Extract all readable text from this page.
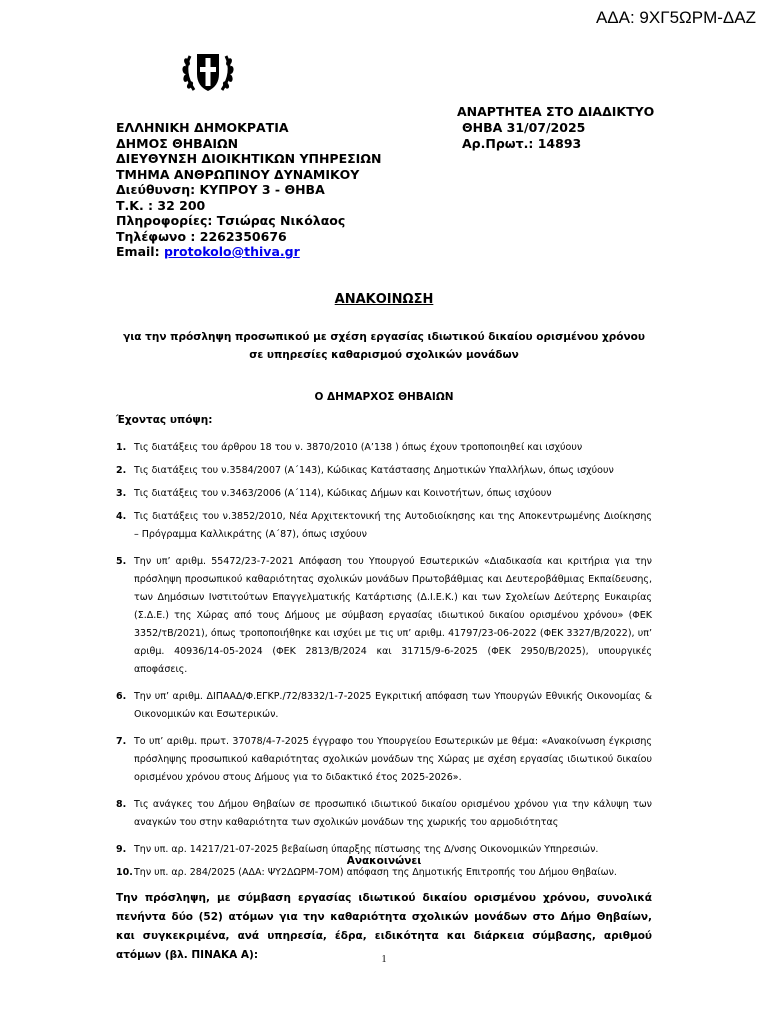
ΑΔΑ: 9ΧΓ5ΩΡΜ-ΔΑΖ
ΑΝΑΡΤΗΤΕΑ ΣΤΟ ΔΙΑΔΙΚΤΥΟ
ΘΗΒΑ 31/07/2025
Αρ.Πρωτ.: 14893
ΕΛΛΗΝΙΚΗ ΔΗΜΟΚΡΑΤΙΑ
ΔΗΜΟΣ ΘΗΒΑΙΩΝ
ΔΙΕΥΘΥΝΣΗ ΔΙΟΙΚΗΤΙΚΩΝ ΥΠΗΡΕΣΙΩΝ
ΤΜΗΜΑ ΑΝΘΡΩΠΙΝΟΥ ΔΥΝΑΜΙΚΟΥ
Διεύθυνση: ΚΥΠΡΟΥ 3 - ΘΗΒΑ
Τ.Κ. : 32 200
Πληροφορίες: Τσιώρας Νικόλαος
Τηλέφωνο : 2262350676
Email: protokolo@thiva.gr
ΑΝΑΚΟΙΝΩΣΗ
για την πρόσληψη προσωπικού με σχέση εργασίας ιδιωτικού δικαίου ορισμένου χρόνου σε υπηρεσίες καθαρισμού σχολικών μονάδων
Ο ΔΗΜΑΡΧΟΣ ΘΗΒΑΙΩΝ
Έχοντας υπόψη:
1. Τις διατάξεις του άρθρου 18 του ν. 3870/2010 (Α’138 ) όπως έχουν τροποποιηθεί και ισχύουν
2. Τις διατάξεις του ν.3584/2007 (Α΄143), Κώδικας Κατάστασης Δημοτικών Υπαλλήλων, όπως ισχύουν
3. Τις διατάξεις του ν.3463/2006 (Α΄114), Κώδικας Δήμων και Κοινοτήτων, όπως ισχύουν
4. Τις διατάξεις του ν.3852/2010, Νέα Αρχιτεκτονική της Αυτοδιοίκησης και της Αποκεντρωμένης Διοίκησης – Πρόγραμμα Καλλικράτης (Α΄87), όπως ισχύουν
5. Την υπ’ αριθμ. 55472/23-7-2021 Απόφαση του Υπουργού Εσωτερικών «Διαδικασία και κριτήρια για την πρόσληψη προσωπικού καθαριότητας σχολικών μονάδων Πρωτοβάθμιας και Δευτεροβάθμιας Εκπαίδευσης, των Δημόσιων Ινστιτούτων Επαγγελματικής Κατάρτισης (Δ.Ι.Ε.Κ.) και των Σχολείων Δεύτερης Ευκαιρίας (Σ.Δ.Ε.) της Χώρας από τους Δήμους με σύμβαση εργασίας ιδιωτικού δικαίου ορισμένου χρόνου» (ΦΕΚ 3352/τΒ/2021), όπως τροποποιήθηκε και ισχύει με τις υπ’ αριθμ. 41797/23-06-2022 (ΦΕΚ 3327/Β/2022), υπ’ αριθμ. 40936/14-05-2024 (ΦΕΚ 2813/Β/2024 και 31715/9-6-2025 (ΦΕΚ 2950/Β/2025), υπουργικές αποφάσεις.
6. Την υπ’ αριθμ. ΔΙΠΑΑΔ/Φ.ΕΓΚΡ./72/8332/1-7-2025 Εγκριτική απόφαση των Υπουργών Εθνικής Οικονομίας & Οικονομικών και Εσωτερικών.
7. Το υπ’ αριθμ. πρωτ. 37078/4-7-2025 έγγραφο του Υπουργείου Εσωτερικών με θέμα: «Ανακοίνωση έγκρισης πρόσληψης προσωπικού καθαριότητας σχολικών μονάδων της Χώρας με σχέση εργασίας ιδιωτικού δικαίου ορισμένου χρόνου στους Δήμους για το διδακτικό έτος 2025-2026».
8. Τις ανάγκες του Δήμου Θηβαίων σε προσωπικό ιδιωτικού δικαίου ορισμένου χρόνου για την κάλυψη των αναγκών του στην καθαριότητα των σχολικών μονάδων της χωρικής του αρμοδιότητας
9. Την υπ. αρ. 14217/21-07-2025 βεβαίωση ύπαρξης πίστωσης της Δ/νσης Οικονομικών Υπηρεσιών.
10. Την υπ. αρ. 284/2025 (ΑΔΑ: ΨΥ2ΔΩΡΜ-7ΟΜ) απόφαση της Δημοτικής Επιτροπής του Δήμου Θηβαίων.
Ανακοινώνει
Την πρόσληψη, με σύμβαση εργασίας ιδιωτικού δικαίου ορισμένου χρόνου, συνολικά πενήντα δύο (52) ατόμων για την καθαριότητα σχολικών μονάδων στο Δήμο Θηβαίων, και συγκεκριμένα, ανά υπηρεσία, έδρα, ειδικότητα και διάρκεια σύμβασης, αριθμού ατόμων (βλ. ΠΙΝΑΚΑ Α):	1
